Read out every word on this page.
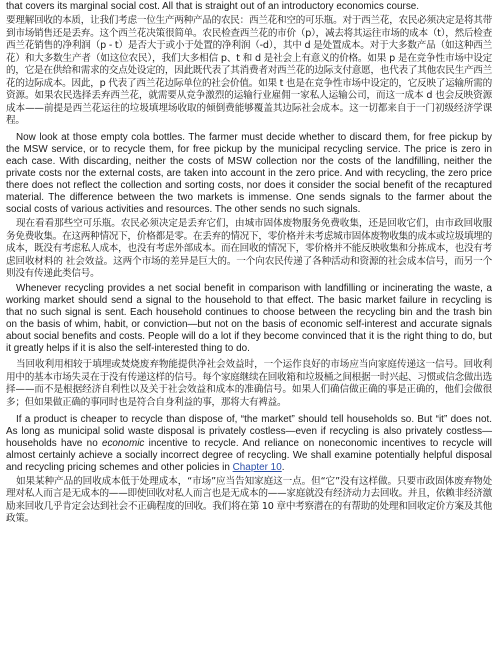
that covers its marginal social cost. All that is straight out of an introductory economics course.

要理解回收的本质，让我们考虑一位生产两种产品的农民：西兰花和空的可乐瓶。对于西兰花，农民必须决定是将其带到市场销售还是丢弃。这个西兰花决策很简单。农民检查西兰花的市价（p），减去将其运往市场的成本（t），然后检查西兰花销售的净利润（p - t）是否大于或小于处置的净利润（-d），其中 d 是处置成本。对于大多数产品（如这种西兰花）和大多数生产者（如这位农民），我们大多相信 p、t 和 d 是社会上有意义的价格。如果 p 是在竞争性市场中设定的，它是在供给和需求的交点处设定的，因此既代表了其消费者对西兰花的边际支付意愿，也代表了其他农民生产西兰花的边际成本。因此，p 代表了西兰花边际单位的社会价值。如果 t 也是在竞争性市场中设定的，它反映了运输所需的资源。如果农民选择丢弃西兰花，就需要从竞争激烈的运输行业雇佣一家私人运输公司，而这一成本 d 也会反映资源成本——前提是西兰花运往的垃圾填埋场收取的倾倒费能够覆盖其边际社会成本。这一切都来自于一门初级经济学课程。

Now look at those empty cola bottles. The farmer must decide whether to discard them, for free pickup by the MSW service, or to recycle them, for free pickup by the municipal recycling service. The price is zero in each case. With discarding, neither the costs of MSW collection nor the costs of the landfilling, neither the private costs nor the external costs, are taken into account in the zero price. And with recycling, the zero price there does not reflect the collection and sorting costs, nor does it consider the social benefit of the recaptured material. The difference between the two markets is immense. One sends signals to the farmer about the social costs of various activities and resources. The other sends no such signals.

现在看看那些空可乐瓶。农民必须决定是丢弃它们，由城市固体废物服务免费收集，还是回收它们，由市政回收服务免费收集。在这两种情况下，价格都是零。在丢弃的情况下，零价格并未考虑城市固体废物收集的成本或垃圾填埋的成本，既没有考虑私人成本，也没有考虑外部成本。而在回收的情况下，零价格并不能反映收集和分拣成本，也没有考虑回收材料的 社会效益。这两个市场的差异是巨大的。一个向农民传递了各种活动和资源的社会成本信号，而另一个则没有传递此类信号。

Whenever recycling provides a net social benefit in comparison with landfilling or incinerating the waste, a working market should send a signal to the household to that effect. The basic market failure in recycling is that no such signal is sent. Each household continues to choose between the recycling bin and the trash bin on the basis of whim, habit, or conviction—but not on the basis of economic self-interest and accurate signals about social benefits and costs. People will do a lot if they become convinced that it is the right thing to do, but it greatly helps if it is also the self-interested thing to do.

当回收利用相较于填埋或焚烧废弃物能提供净社会效益时，一个运作良好的市场应当向家庭传递这一信号。回收利用中的基本市场失灵在于没有传递这样的信号。每个家庭继续在回收箱和垃圾桶之间根据一时兴起、习惯或信念做出选择——而不是根据经济自利性以及关于社会效益和成本的准确信号。如果人们确信做正确的事是正确的，他们会做很多；但如果做正确的事同时也是符合自身利益的事，那将大有裨益。

If a product is cheaper to recycle than dispose of, “the market” should tell households so. But “it” does not. As long as municipal solid waste disposal is privately costless—even if recycling is also privately costless—households have no economic incentive to recycle. And reliance on noneconomic incentives to recycle will almost certainly achieve a socially incorrect degree of recycling. We shall examine potentially helpful disposal and recycling pricing schemes and other policies in Chapter 10.

如果某种产品的回收成本低于处理成本，“市场”应当告知家庭这一点。但“它”没有这样做。只要市政固体废弃物处理对私人而言是无成本的——即使回收对私人而言也是无成本的——家庭就没有经济动力去回收。并且，依赖非经济激励来回收几乎肯定会达到社会不正确程度的回收。我们将在第 10 章中考察潜在的有帮助的处理和回收定价方案及其他政策。
